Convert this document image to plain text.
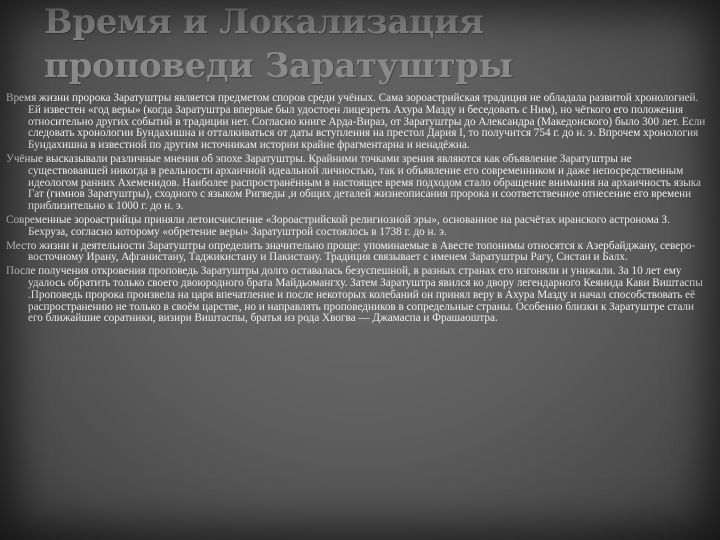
Время и Локализация проповеди Заратуштры

Время жизни пророка Заратуштры является предметом споров среди учёных. Сама зороастрийская традиция не обладала развитой хронологией. Ей известен «год веры» (когда Заратуштра впервые был удостоен лицезреть Ахура Мазду и беседовать с Ним), но чёткого его положения относительно других событий в традиции нет. Согласно книге Арда-Вираз, от Заратуштры до Александра (Македонского) было 300 лет. Если следовать хронологии Бундахишна и отталкиваться от даты вступления на престол Дария I, то получится 754 г. до н. э. Впрочем хронология Бундахишна в известной по другим источникам истории крайне фрагментарна и ненадёжна.

Учёные высказывали различные мнения об эпохе Заратуштры. Крайними точками зрения являются как объявление Заратуштры не существовавшей никогда в реальности архаичной идеальной личностью, так и объявление его современником и даже непосредственным идеологом ранних Ахеменидов. Наиболее распространённым в настоящее время подходом стало обращение внимания на архаичность языка Гат (гимнов Заратуштры), сходного с языком Ригведы ,и общих деталей жизнеописания пророка и соответственное отнесение его времени приблизительно к 1000 г. до н. э.

Современные зороастрийцы приняли летоисчисление «Зороастрийской религиозной эры», основанное на расчётах иранского астронома З. Бехруза, согласно которому «обретение веры» Заратуштрой состоялось в 1738 г. до н. э.

Место жизни и деятельности Заратуштры определить значительно проще: упоминаемые в Авесте топонимы относятся к Азербайджану, северо-восточному Ирану, Афганистану, Таджикистану и Пакистану. Традиция связывает с именем Заратуштры Рагу, Систан и Балх.

После получения откровения проповедь Заратуштры долго оставалась безуспешной, в разных странах его изгоняли и унижали. За 10 лет ему удалось обратить только своего двоюродного брата Майдьомангху. Затем Заратуштра явился ко двору легендарного Кеянида Кави Виштаспы .Проповедь пророка произвела на царя впечатление и после некоторых колебаний он принял веру в Ахура Мазду и начал способствовать её распространению не только в своём царстве, но и направлять проповедников в сопредельные страны. Особенно близки к Заратуштре стали его ближайшие соратники, визири Виштаспы, братья из рода Хвогва — Джамаспа и Фрашаоштра.
